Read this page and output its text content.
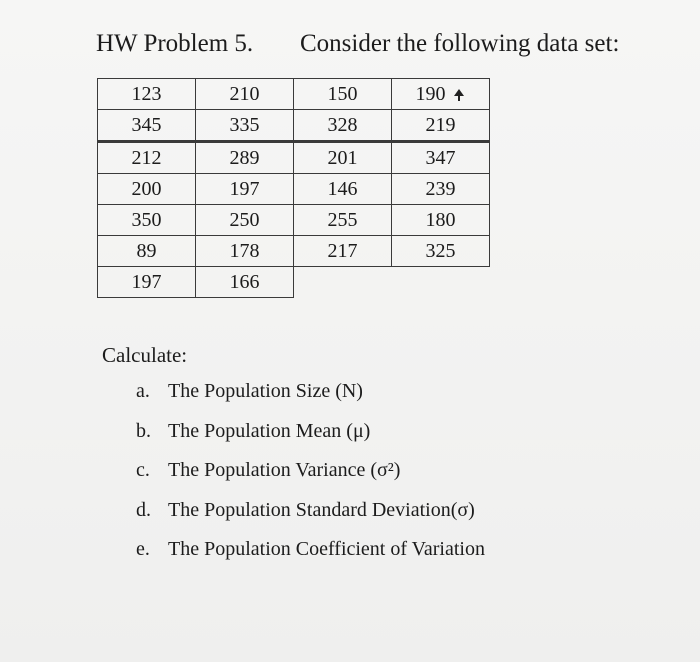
HW Problem 5. Consider the following data set:
123	210	150	190
345	335	328	219
212	289	201	347
200	197	146	239
350	250	255	180
89	178	217	325
197	166		
Calculate:
a. The Population Size (N)
b. The Population Mean (μ)
c. The Population Variance (σ²)
d. The Population Standard Deviation(σ)
e. The Population Coefficient of Variation
